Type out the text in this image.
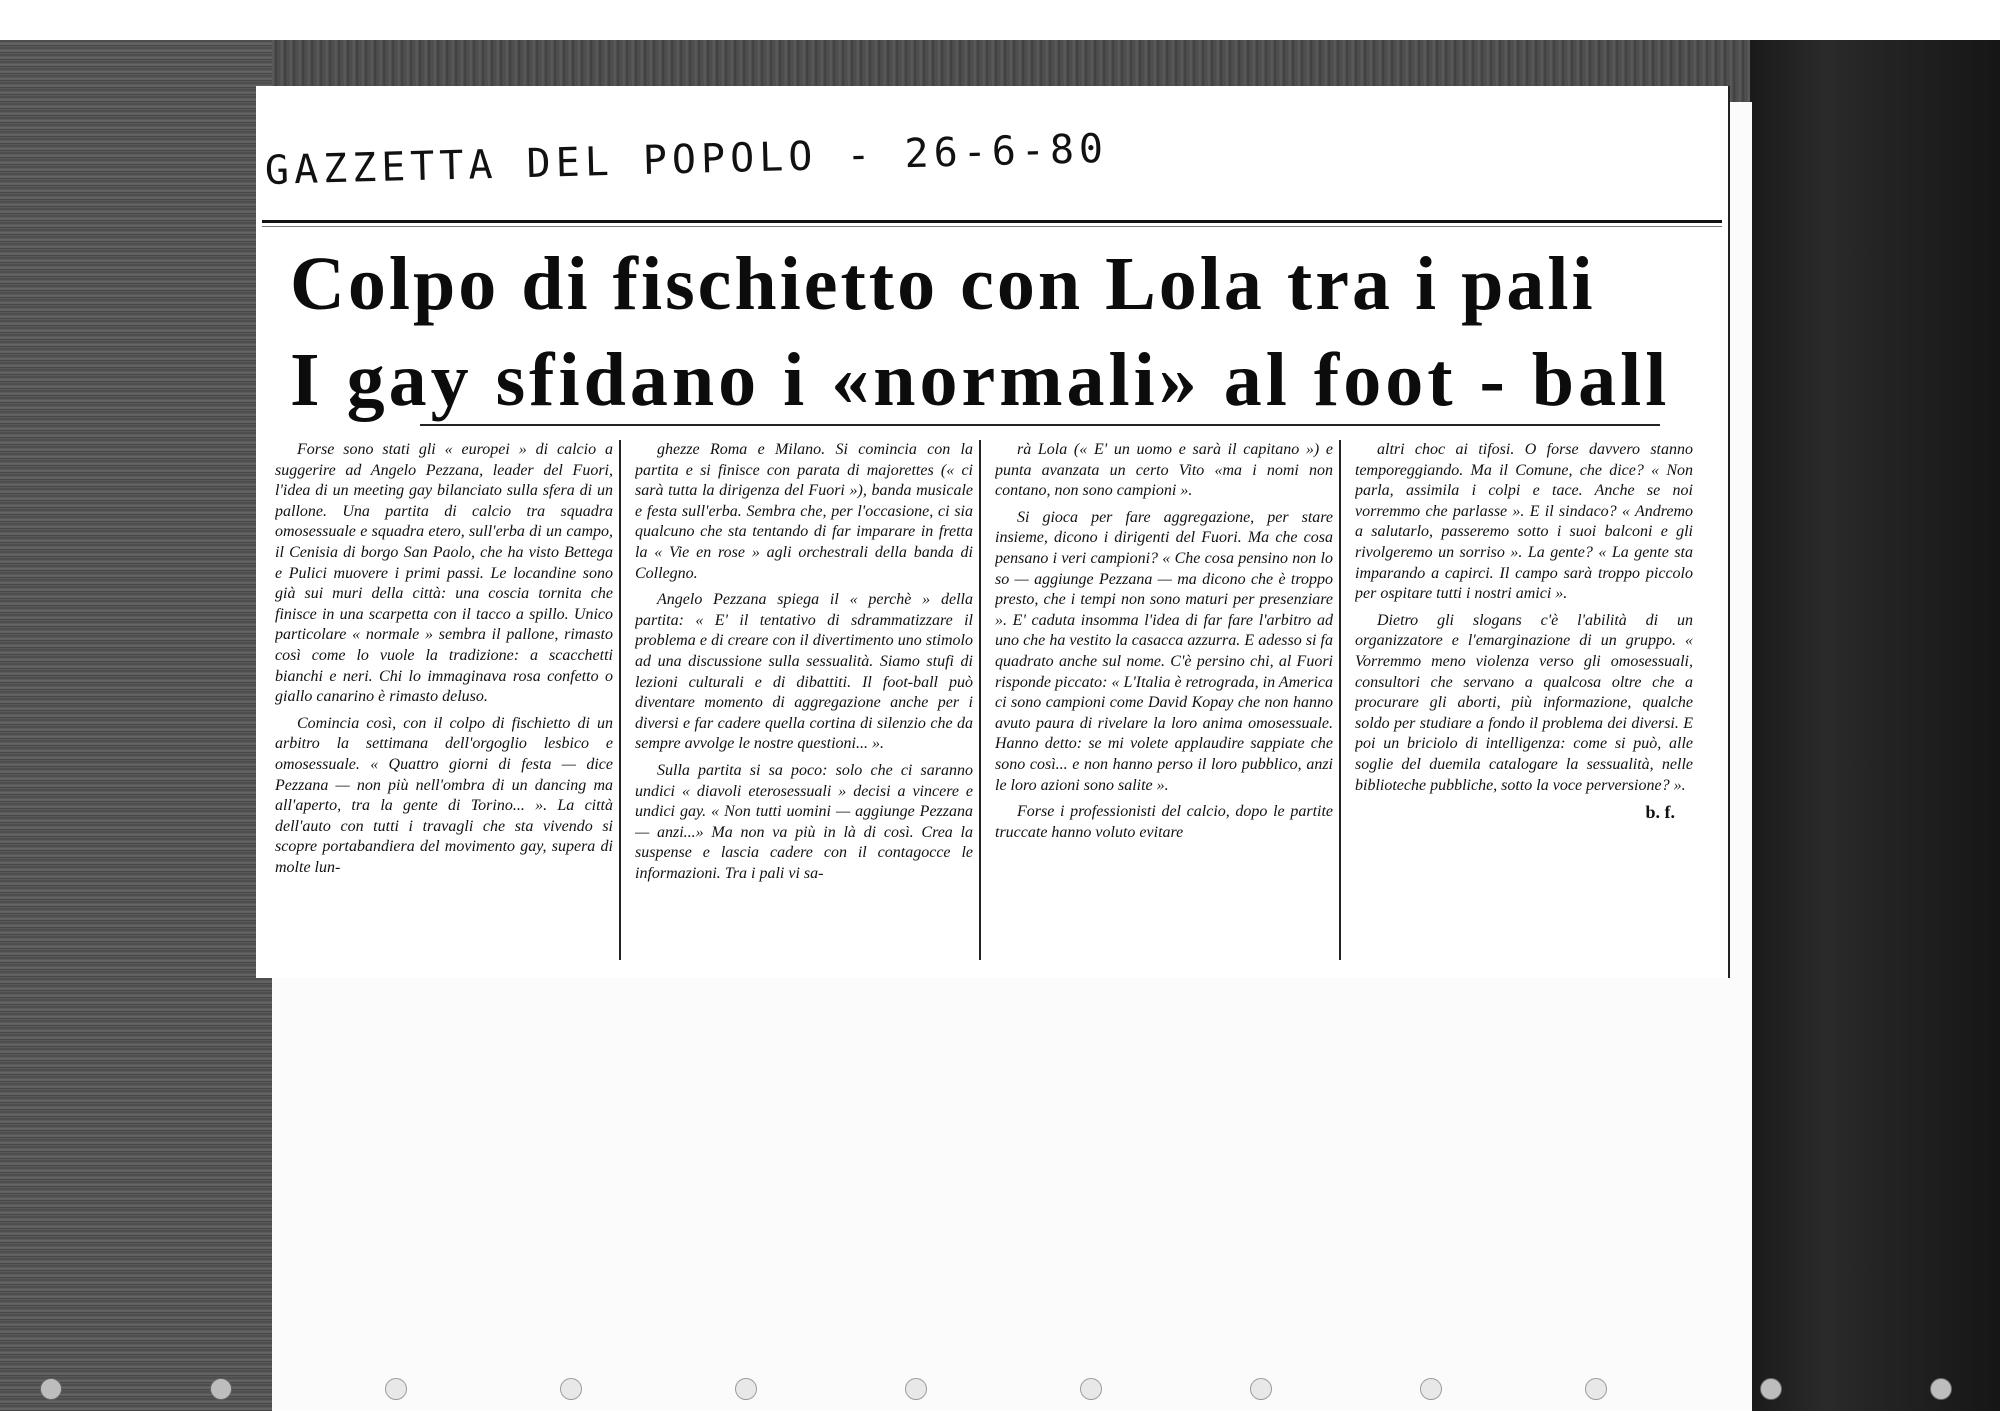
GAZZETTA DEL POPOLO - 26-6-80
Colpo di fischietto con Lola tra i pali
I gay sfidano i «normali» al foot - ball

Forse sono stati gli « europei » di calcio a suggerire ad Angelo Pezzana, leader del Fuori, l'idea di un meeting gay bilanciato sulla sfera di un pallone. Una partita di calcio tra squadra omosessuale e squadra etero, sull'erba di un campo, il Cenisia di borgo San Paolo, che ha visto Bettega e Pulici muovere i primi passi. Le locandine sono già sui muri della città: una coscia tornita che finisce in una scarpetta con il tacco a spillo. Unico particolare « normale » sembra il pallone, rimasto così come lo vuole la tradizione: a scacchetti bianchi e neri. Chi lo immaginava rosa confetto o giallo canarino è rimasto deluso.

Comincia così, con il colpo di fischietto di un arbitro la settimana dell'orgoglio lesbico e omosessuale. « Quattro giorni di festa — dice Pezzana — non più nell'ombra di un dancing ma all'aperto, tra la gente di Torino... ». La città dell'auto con tutti i travagli che sta vivendo si scopre portabandiera del movimento gay, supera di molte lun-

ghezze Roma e Milano. Si comincia con la partita e si finisce con parata di majorettes (« ci sarà tutta la dirigenza del Fuori »), banda musicale e festa sull'erba. Sembra che, per l'occasione, ci sia qualcuno che sta tentando di far imparare in fretta la « Vie en rose » agli orchestrali della banda di Collegno.

Angelo Pezzana spiega il « perchè » della partita: « E' il tentativo di sdrammatizzare il problema e di creare con il divertimento uno stimolo ad una discussione sulla sessualità. Siamo stufi di lezioni culturali e di dibattiti. Il foot-ball può diventare momento di aggregazione anche per i diversi e far cadere quella cortina di silenzio che da sempre avvolge le nostre questioni... ».

Sulla partita si sa poco: solo che ci saranno undici « diavoli eterosessuali » decisi a vincere e undici gay. « Non tutti uomini — aggiunge Pezzana — anzi...» Ma non va più in là di così. Crea la suspense e lascia cadere con il contagocce le informazioni. Tra i pali vi sa-

rà Lola (« E' un uomo e sarà il capitano ») e punta avanzata un certo Vito «ma i nomi non contano, non sono campioni ».

Si gioca per fare aggregazione, per stare insieme, dicono i dirigenti del Fuori. Ma che cosa pensano i veri campioni? « Che cosa pensino non lo so — aggiunge Pezzana — ma dicono che è troppo presto, che i tempi non sono maturi per presenziare ». E' caduta insomma l'idea di far fare l'arbitro ad uno che ha vestito la casacca azzurra. E adesso si fa quadrato anche sul nome. C'è persino chi, al Fuori risponde piccato: « L'Italia è retrograda, in America ci sono campioni come David Kopay che non hanno avuto paura di rivelare la loro anima omosessuale. Hanno detto: se mi volete applaudire sappiate che sono così... e non hanno perso il loro pubblico, anzi le loro azioni sono salite ».

Forse i professionisti del calcio, dopo le partite truccate hanno voluto evitare

altri choc ai tifosi. O forse davvero stanno temporeggiando. Ma il Comune, che dice? « Non parla, assimila i colpi e tace. Anche se noi vorremmo che parlasse ». E il sindaco? « Andremo a salutarlo, passeremo sotto i suoi balconi e gli rivolgeremo un sorriso ». La gente? « La gente sta imparando a capirci. Il campo sarà troppo piccolo per ospitare tutti i nostri amici ».

Dietro gli slogans c'è l'abilità di un organizzatore e l'emarginazione di un gruppo. « Vorremmo meno violenza verso gli omosessuali, consultori che servano a qualcosa oltre che a procurare gli aborti, più informazione, qualche soldo per studiare a fondo il problema dei diversi. E poi un briciolo di intelligenza: come si può, alle soglie del duemila catalogare la sessualità, nelle biblioteche pubbliche, sotto la voce perversione? ».

b. f.
